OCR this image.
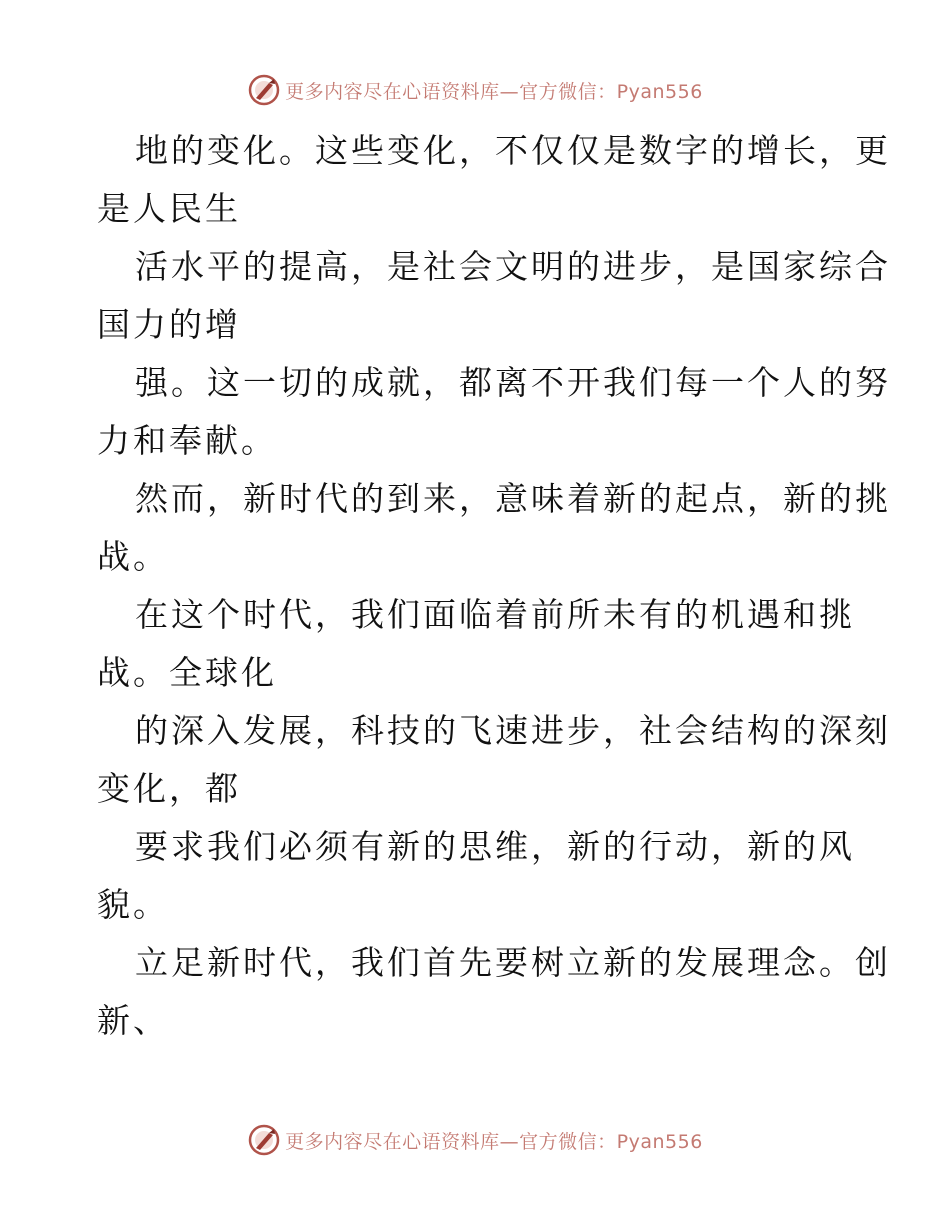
更多内容尽在心语资料库—官方微信：Pyan556
地的变化。这些变化，不仅仅是数字的增长，更
是人民生
活水平的提高，是社会文明的进步，是国家综合
国力的增
强。这一切的成就，都离不开我们每一个人的努
力和奉献。
然而，新时代的到来，意味着新的起点，新的挑
战。
在这个时代，我们面临着前所未有的机遇和挑
战。全球化
的深入发展，科技的飞速进步，社会结构的深刻
变化，都
要求我们必须有新的思维，新的行动，新的风
貌。
立足新时代，我们首先要树立新的发展理念。创
新、
更多内容尽在心语资料库—官方微信：Pyan556
